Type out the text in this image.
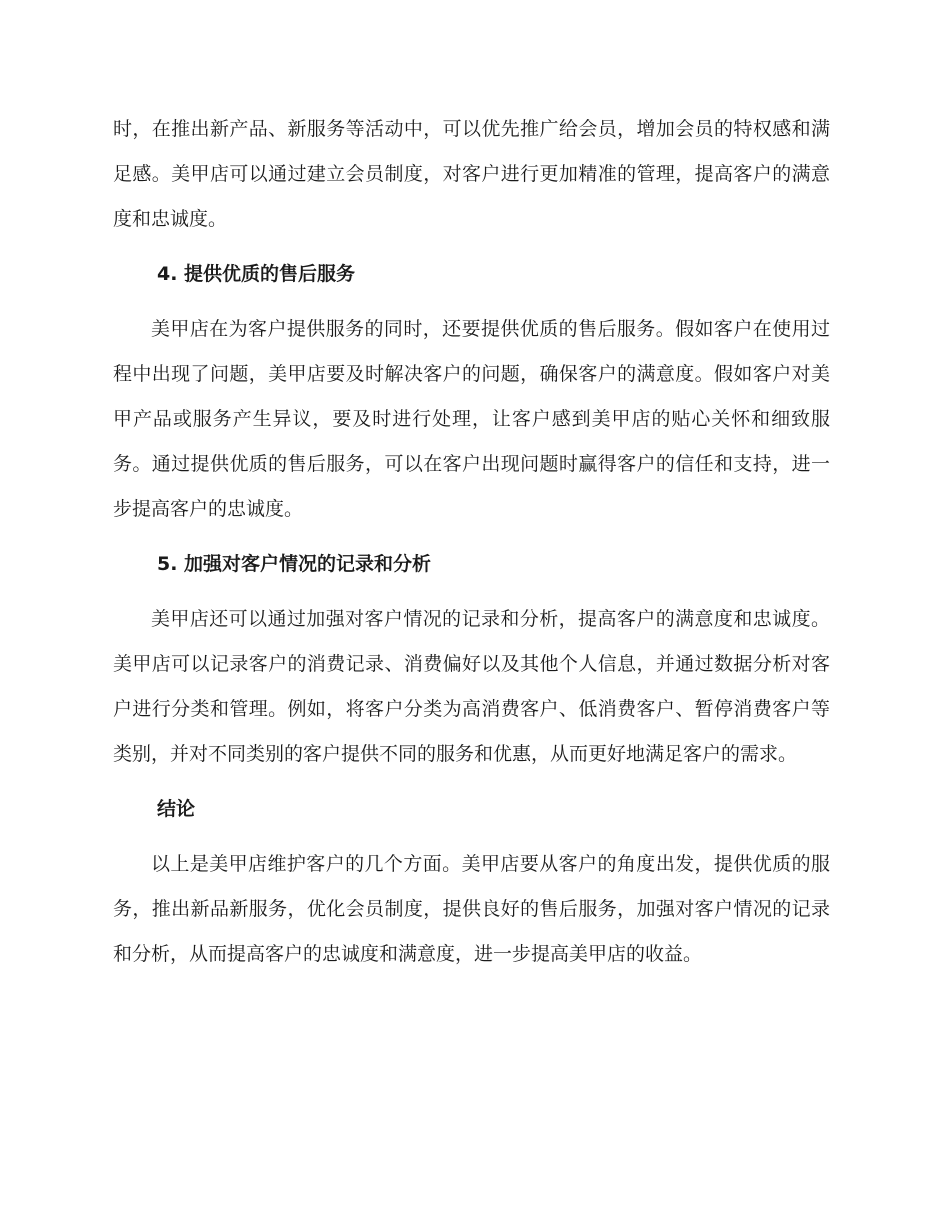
时，在推出新产品、新服务等活动中，可以优先推广给会员，增加会员的特权感和满足感。美甲店可以通过建立会员制度，对客户进行更加精准的管理，提高客户的满意度和忠诚度。

4. 提供优质的售后服务

美甲店在为客户提供服务的同时，还要提供优质的售后服务。假如客户在使用过程中出现了问题，美甲店要及时解决客户的问题，确保客户的满意度。假如客户对美甲产品或服务产生异议，要及时进行处理，让客户感到美甲店的贴心关怀和细致服务。通过提供优质的售后服务，可以在客户出现问题时赢得客户的信任和支持，进一步提高客户的忠诚度。

5. 加强对客户情况的记录和分析

美甲店还可以通过加强对客户情况的记录和分析，提高客户的满意度和忠诚度。美甲店可以记录客户的消费记录、消费偏好以及其他个人信息，并通过数据分析对客户进行分类和管理。例如，将客户分类为高消费客户、低消费客户、暂停消费客户等类别，并对不同类别的客户提供不同的服务和优惠，从而更好地满足客户的需求。

结论

以上是美甲店维护客户的几个方面。美甲店要从客户的角度出发，提供优质的服务，推出新品新服务，优化会员制度，提供良好的售后服务，加强对客户情况的记录和分析，从而提高客户的忠诚度和满意度，进一步提高美甲店的收益。
